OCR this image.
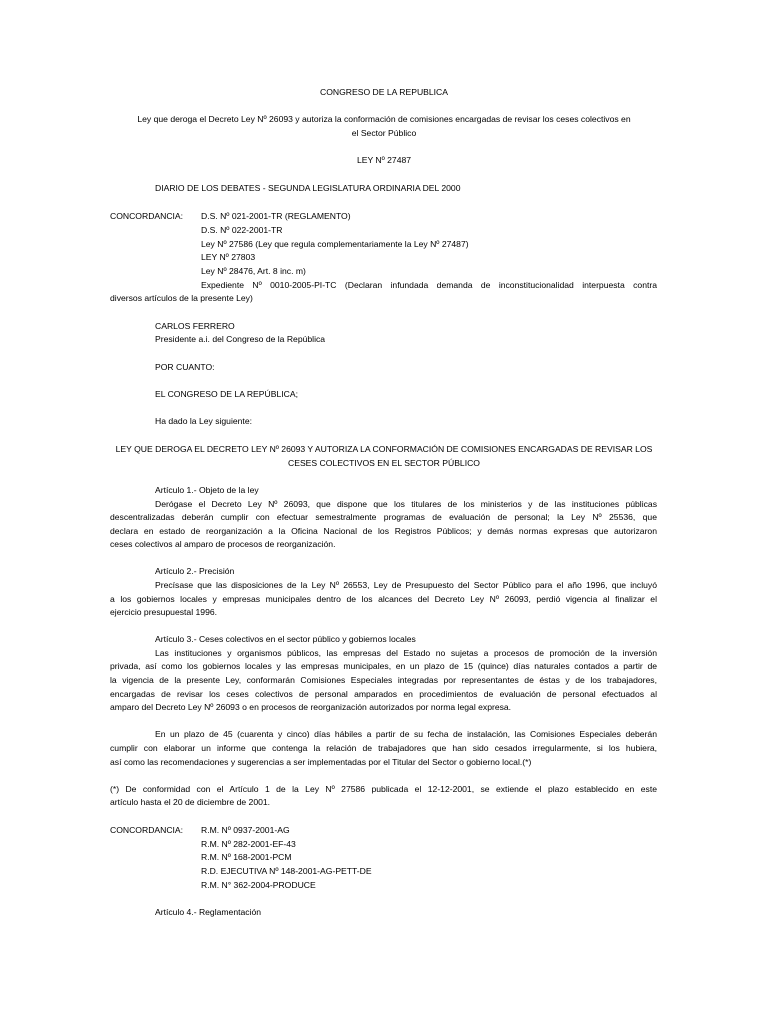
CONGRESO DE LA REPUBLICA
Ley que deroga el Decreto Ley Nº 26093 y autoriza la conformación de comisiones encargadas de revisar los ceses colectivos en
el Sector Público
LEY Nº 27487
DIARIO DE LOS DEBATES - SEGUNDA LEGISLATURA ORDINARIA DEL 2000
CONCORDANCIA: D.S. Nº 021-2001-TR (REGLAMENTO)
D.S. Nº 022-2001-TR
Ley Nº 27586 (Ley que regula complementariamente la Ley Nº 27487)
LEY Nº 27803
Ley Nº 28476, Art. 8 inc. m)
Expediente Nº 0010-2005-PI-TC (Declaran infundada demanda de inconstitucionalidad interpuesta contra
diversos artículos de la presente Ley)
CARLOS FERRERO
Presidente a.i. del Congreso de la República
POR CUANTO:
EL CONGRESO DE LA REPÚBLICA;
Ha dado la Ley siguiente:
LEY QUE DEROGA EL DECRETO LEY Nº 26093 Y AUTORIZA LA CONFORMACIÓN DE COMISIONES ENCARGADAS DE REVISAR LOS
CESES COLECTIVOS EN EL SECTOR PÚBLICO
Artículo 1.- Objeto de la ley
Derógase el Decreto Ley Nº 26093, que dispone que los titulares de los ministerios y de las instituciones públicas
descentralizadas deberán cumplir con efectuar semestralmente programas de evaluación de personal; la Ley Nº 25536, que
declara en estado de reorganización a la Oficina Nacional de los Registros Públicos; y demás normas expresas que autorizaron
ceses colectivos al amparo de procesos de reorganización.
Artículo 2.- Precisión
Precísase que las disposiciones de la Ley Nº 26553, Ley de Presupuesto del Sector Público para el año 1996, que incluyó
a los gobiernos locales y empresas municipales dentro de los alcances del Decreto Ley Nº 26093, perdió vigencia al finalizar el
ejercicio presupuestal 1996.
Artículo 3.- Ceses colectivos en el sector público y gobiernos locales
Las instituciones y organismos públicos, las empresas del Estado no sujetas a procesos de promoción de la inversión
privada, así como los gobiernos locales y las empresas municipales, en un plazo de 15 (quince) días naturales contados a partir de
la vigencia de la presente Ley, conformarán Comisiones Especiales integradas por representantes de éstas y de los trabajadores,
encargadas de revisar los ceses colectivos de personal amparados en procedimientos de evaluación de personal efectuados al
amparo del Decreto Ley Nº 26093 o en procesos de reorganización autorizados por norma legal expresa.
En un plazo de 45 (cuarenta y cinco) días hábiles a partir de su fecha de instalación, las Comisiones Especiales deberán
cumplir con elaborar un informe que contenga la relación de trabajadores que han sido cesados irregularmente, si los hubiera,
así como las recomendaciones y sugerencias a ser implementadas por el Titular del Sector o gobierno local.(*)
(*) De conformidad con el Artículo 1 de la Ley Nº 27586 publicada el 12-12-2001, se extiende el plazo establecido en este
artículo hasta el 20 de diciembre de 2001.
CONCORDANCIA: R.M. Nº 0937-2001-AG
R.M. Nº 282-2001-EF-43
R.M. Nº 168-2001-PCM
R.D. EJECUTIVA Nº 148-2001-AG-PETT-DE
R.M. N° 362-2004-PRODUCE
Artículo 4.- Reglamentación
